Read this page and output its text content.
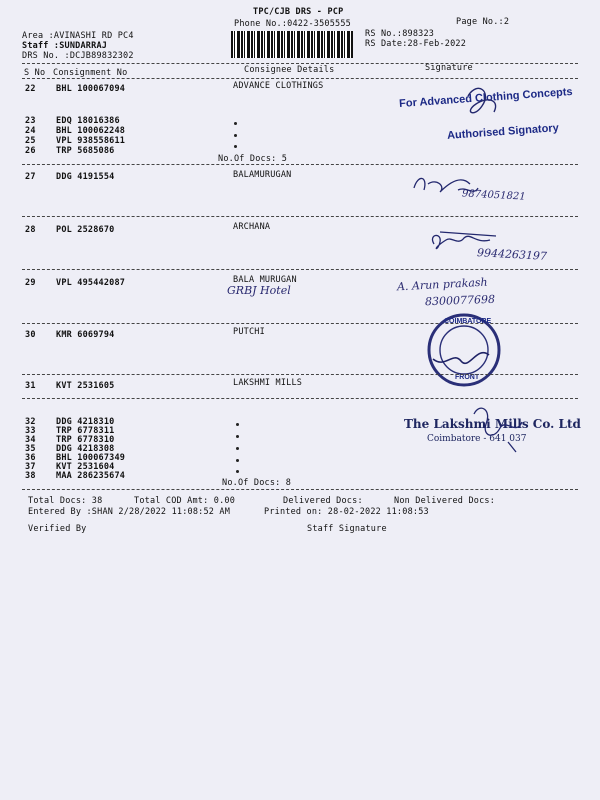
TPC/CJB DRS - PCP
Phone No.:0422-3505555	Page No.:2
Area :AVINASHI RD PC4
Staff :SUNDARRAJ
DRS No. :DCJB89832302
RS No.:898323
RS Date:28-Feb-2022
S No Consignment No	Consignee Details	Signature
22 BHL 100067094	ADVANCE CLOTHINGS	For Advanced Clothing Concepts
Authorised Signatory
23 EDQ 18016386
24 BHL 100062248
25 VPL 938558611
26 TRP 5685086
No.Of Docs: 5
27 DDG 4191554	BALAMURUGAN
9874051821
28 POL 2528670	ARCHANA
9944263197
29 VPL 495442087	BALA MURUGAN
GRBJ Hotel	A. Arun prakash
8300077698
30 KMR 6069794	PUTCHI
COIMBATORE
FRONT
31 KVT 2531605	LAKSHMI MILLS
32 DDG 4218310
33 TRP 6778311
34 TRP 6778310
35 DDG 4218308
36 BHL 100067349
37 KVT 2531604
38 MAA 286235674
The Lakshmi Mills Co. Ltd
Coimbatore - 641 037
No.Of Docs: 8
Total Docs: 38	Total COD Amt: 0.00	Delivered Docs:	Non Delivered Docs:
Entered By :SHAN 2/28/2022 11:08:52 AM	Printed on: 28-02-2022 11:08:53
Verified By	Staff Signature
